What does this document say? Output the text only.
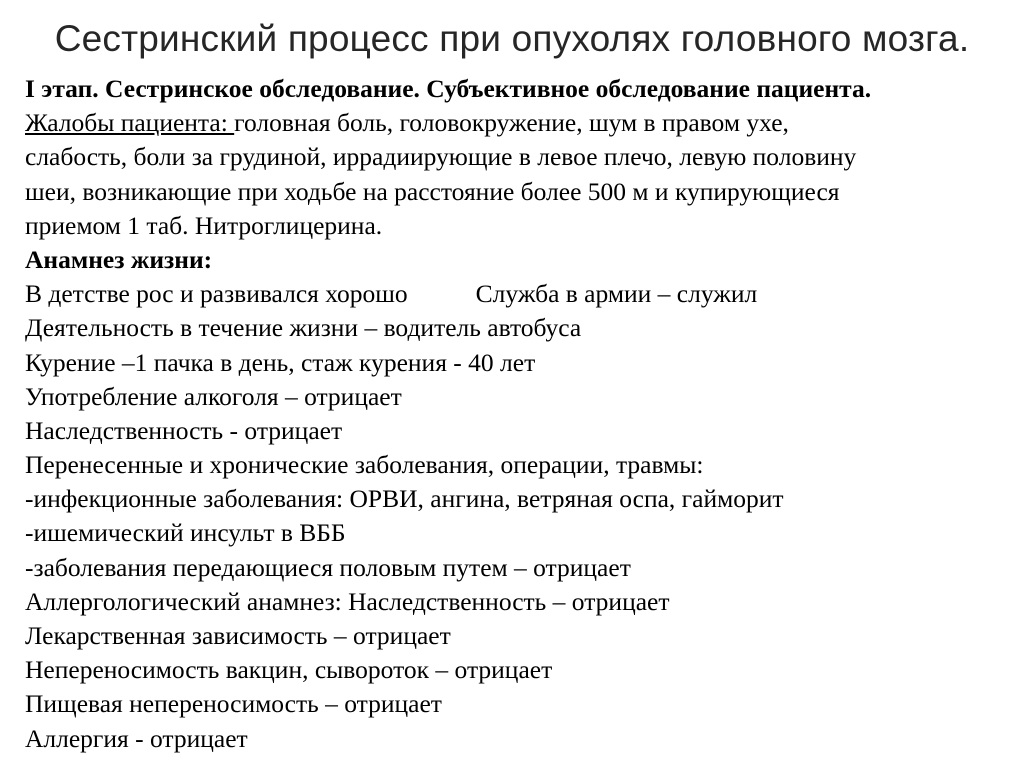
Сестринский процесс при опухолях головного мозга.
I этап. Сестринское обследование. Субъективное обследование пациента.
Жалобы пациента: головная боль, головокружение, шум в правом ухе,
слабость, боли за грудиной, иррадиирующие в левое плечо, левую половину
шеи, возникающие при ходьбе на расстояние более 500 м и купирующиеся
приемом 1 таб. Нитроглицерина.
Анамнез жизни:
В детстве рос и развивался хорошо	Служба в армии – служил
Деятельность в течение жизни – водитель автобуса
Курение –1 пачка в день, стаж курения - 40 лет
Употребление алкоголя – отрицает
Наследственность - отрицает
Перенесенные и хронические заболевания, операции, травмы:
-инфекционные заболевания: ОРВИ, ангина, ветряная оспа, гайморит
-ишемический инсульт в ВББ
-заболевания передающиеся половым путем – отрицает
Аллергологический анамнез: Наследственность – отрицает
Лекарственная зависимость – отрицает
Непереносимость вакцин, сывороток – отрицает
Пищевая непереносимость – отрицает
Аллергия - отрицает
